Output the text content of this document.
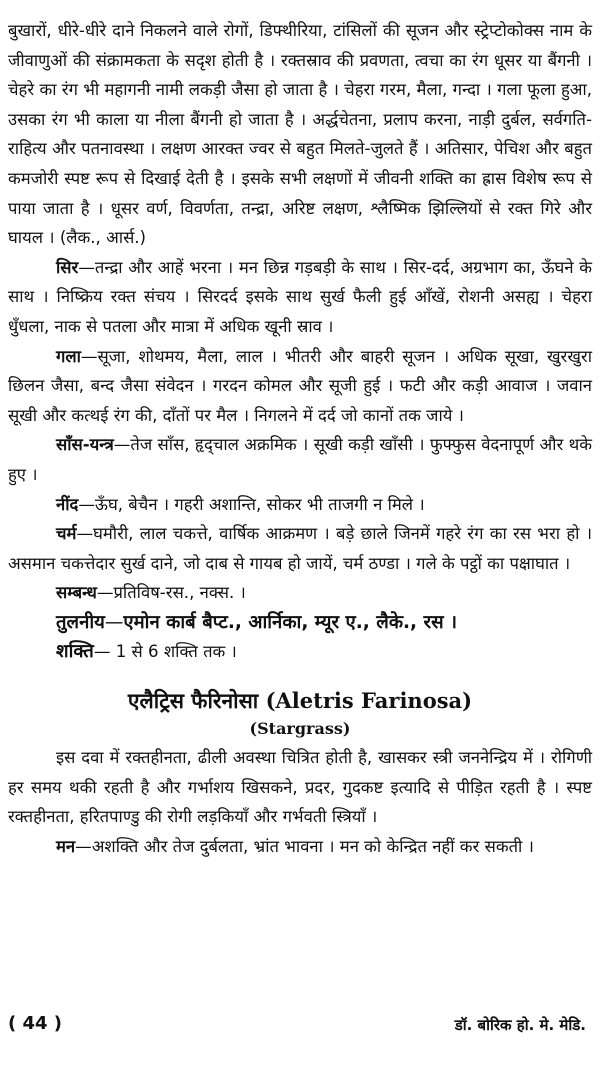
बुखारों, धीरे-धीरे दाने निकलने वाले रोगों, डिफ्थीरिया, टांसिलों की सूजन और स्ट्रेप्टोकोक्स नाम के जीवाणुओं की संक्रामकता के सदृश होती है । रक्तस्राव की प्रवणता, त्वचा का रंग धूसर या बैंगनी । चेहरे का रंग भी महागनी नामी लकड़ी जैसा हो जाता है । चेहरा गरम, मैला, गन्दा । गला फूला हुआ, उसका रंग भी काला या नीला बैंगनी हो जाता है । अर्द्धचेतना, प्रलाप करना, नाड़ी दुर्बल, सर्वगति-राहित्य और पतनावस्था । लक्षण आरक्त ज्वर से बहुत मिलते-जुलते हैं । अतिसार, पेचिश और बहुत कमजोरी स्पष्ट रूप से दिखाई देती है । इसके सभी लक्षणों में जीवनी शक्ति का ह्रास विशेष रूप से पाया जाता है । धूसर वर्ण, विवर्णता, तन्द्रा, अरिष्ट लक्षण, श्लैष्मिक झिल्लियों से रक्त गिरे और घायल । (लैक., आर्स.)

सिर—तन्द्रा और आहें भरना । मन छिन्न गड़बड़ी के साथ । सिर-दर्द, अग्रभाग का, ऊँघने के साथ । निष्क्रिय रक्त संचय । सिरदर्द इसके साथ सुर्ख फैली हुई आँखें, रोशनी असह्य । चेहरा धुँधला, नाक से पतला और मात्रा में अधिक खूनी स्राव ।

गला—सूजा, शोथमय, मैला, लाल । भीतरी और बाहरी सूजन । अधिक सूखा, खुरखुरा छिलन जैसा, बन्द जैसा संवेदन । गरदन कोमल और सूजी हुई । फटी और कड़ी आवाज । जवान सूखी और कत्थई रंग की, दाँतों पर मैल । निगलने में दर्द जो कानों तक जाये ।

साँस-यन्त्र—तेज साँस, हृद्चाल अक्रमिक । सूखी कड़ी खाँसी । फुफ्फुस वेदनापूर्ण और थके हुए ।

नींद—ऊँघ, बेचैन । गहरी अशान्ति, सोकर भी ताजगी न मिले ।

चर्म—घमौरी, लाल चकत्ते, वार्षिक आक्रमण । बड़े छाले जिनमें गहरे रंग का रस भरा हो । असमान चकत्तेदार सुर्ख दाने, जो दाब से गायब हो जायें, चर्म ठण्डा । गले के पट्ठों का पक्षाघात ।

सम्बन्ध—प्रतिविष-रस., नक्स. ।

तुलनीय—एमोन कार्ब बैप्ट., आर्निका, म्यूर ए., लैके., रस ।

शक्ति— 1 से 6 शक्ति तक ।

एलैट्रिस फैरिनोसा (Aletris Farinosa)

(Stargrass)

इस दवा में रक्तहीनता, ढीली अवस्था चित्रित होती है, खासकर स्त्री जननेन्द्रिय में । रोगिणी हर समय थकी रहती है और गर्भाशय खिसकने, प्रदर, गुदकष्ट इत्यादि से पीड़ित रहती है । स्पष्ट रक्तहीनता, हरितपाण्डु की रोगी लड़कियाँ और गर्भवती स्त्रियाँ ।

मन—अशक्ति और तेज दुर्बलता, भ्रांत भावना । मन को केन्द्रित नहीं कर सकती ।

( 44 )	डॉ. बोरिक हो. मे. मेडि.
